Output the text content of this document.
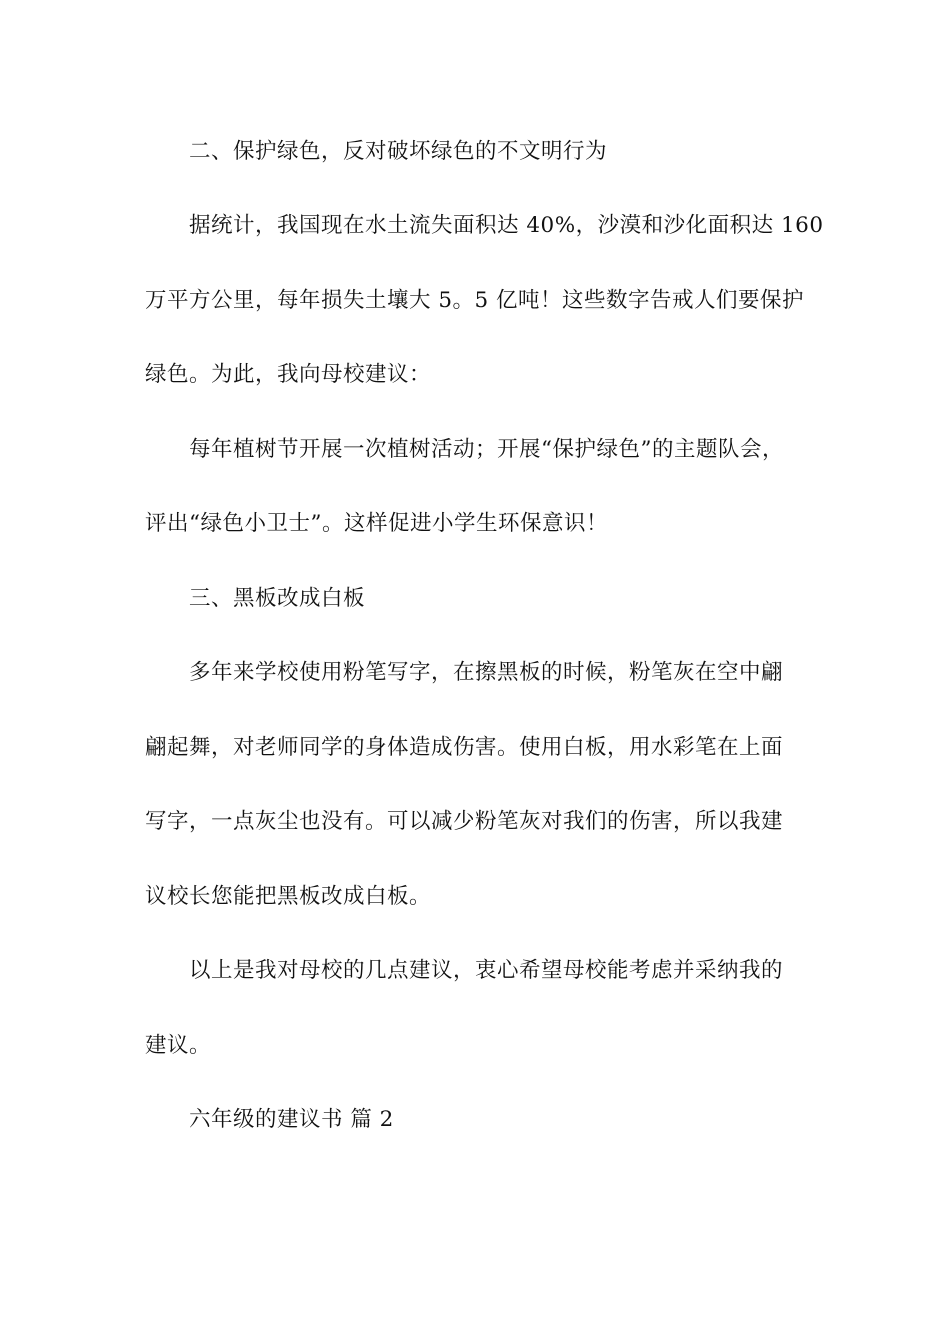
二、保护绿色，反对破坏绿色的不文明行为
据统计，我国现在水土流失面积达 40%，沙漠和沙化面积达 160
万平方公里，每年损失土壤大 5。5 亿吨！这些数字告戒人们要保护
绿色。为此，我向母校建议：
每年植树节开展一次植树活动；开展“保护绿色”的主题队会，
评出“绿色小卫士”。这样促进小学生环保意识！
三、黑板改成白板
多年来学校使用粉笔写字，在擦黑板的时候，粉笔灰在空中翩
翩起舞，对老师同学的身体造成伤害。使用白板，用水彩笔在上面
写字，一点灰尘也没有。可以减少粉笔灰对我们的伤害，所以我建
议校长您能把黑板改成白板。
以上是我对母校的几点建议，衷心希望母校能考虑并采纳我的
建议。
六年级的建议书 篇 2
